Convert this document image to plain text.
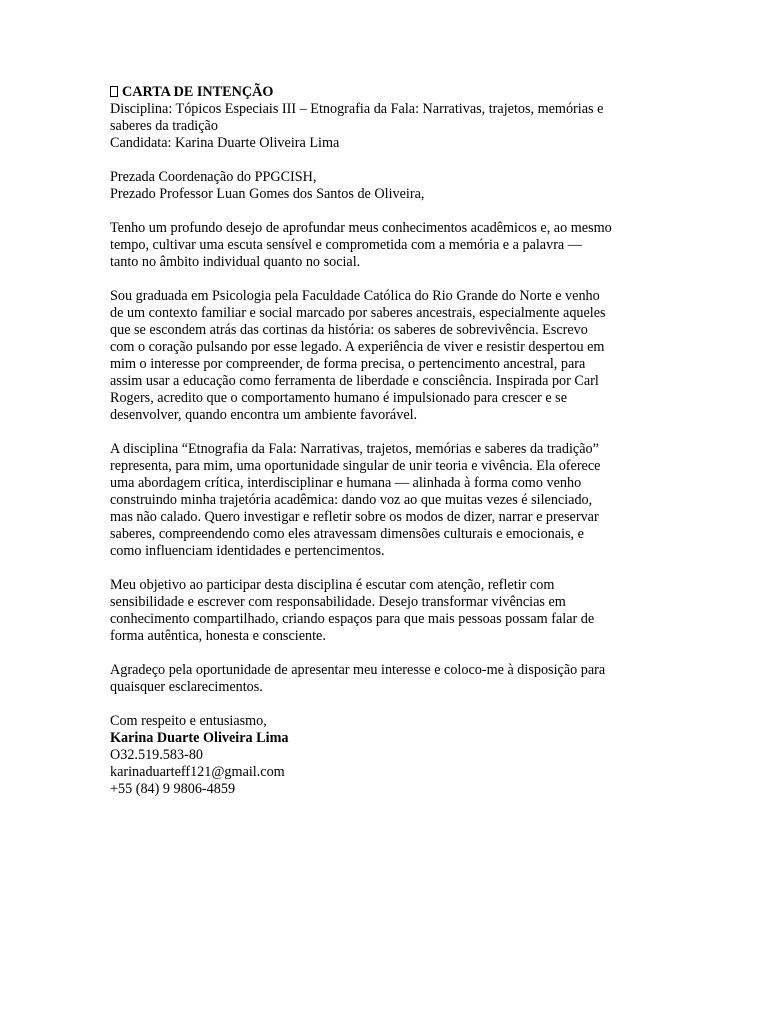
CARTA DE INTENÇÃO
Disciplina: Tópicos Especiais III – Etnografia da Fala: Narrativas, trajetos, memórias e
saberes da tradição
Candidata: Karina Duarte Oliveira Lima
Prezada Coordenação do PPGCISH,
Prezado Professor Luan Gomes dos Santos de Oliveira,
Tenho um profundo desejo de aprofundar meus conhecimentos acadêmicos e, ao mesmo
tempo, cultivar uma escuta sensível e comprometida com a memória e a palavra —
tanto no âmbito individual quanto no social.
Sou graduada em Psicologia pela Faculdade Católica do Rio Grande do Norte e venho
de um contexto familiar e social marcado por saberes ancestrais, especialmente aqueles
que se escondem atrás das cortinas da história: os saberes de sobrevivência. Escrevo
com o coração pulsando por esse legado. A experiência de viver e resistir despertou em
mim o interesse por compreender, de forma precisa, o pertencimento ancestral, para
assim usar a educação como ferramenta de liberdade e consciência. Inspirada por Carl
Rogers, acredito que o comportamento humano é impulsionado para crescer e se
desenvolver, quando encontra um ambiente favorável.
A disciplina “Etnografia da Fala: Narrativas, trajetos, memórias e saberes da tradição”
representa, para mim, uma oportunidade singular de unir teoria e vivência. Ela oferece
uma abordagem crítica, interdisciplinar e humana — alinhada à forma como venho
construindo minha trajetória acadêmica: dando voz ao que muitas vezes é silenciado,
mas não calado. Quero investigar e refletir sobre os modos de dizer, narrar e preservar
saberes, compreendendo como eles atravessam dimensões culturais e emocionais, e
como influenciam identidades e pertencimentos.
Meu objetivo ao participar desta disciplina é escutar com atenção, refletir com
sensibilidade e escrever com responsabilidade. Desejo transformar vivências em
conhecimento compartilhado, criando espaços para que mais pessoas possam falar de
forma autêntica, honesta e consciente.
Agradeço pela oportunidade de apresentar meu interesse e coloco-me à disposição para
quaisquer esclarecimentos.
Com respeito e entusiasmo,
Karina Duarte Oliveira Lima
O32.519.583-80
karinaduarteff121@gmail.com
+55 (84) 9 9806-4859
